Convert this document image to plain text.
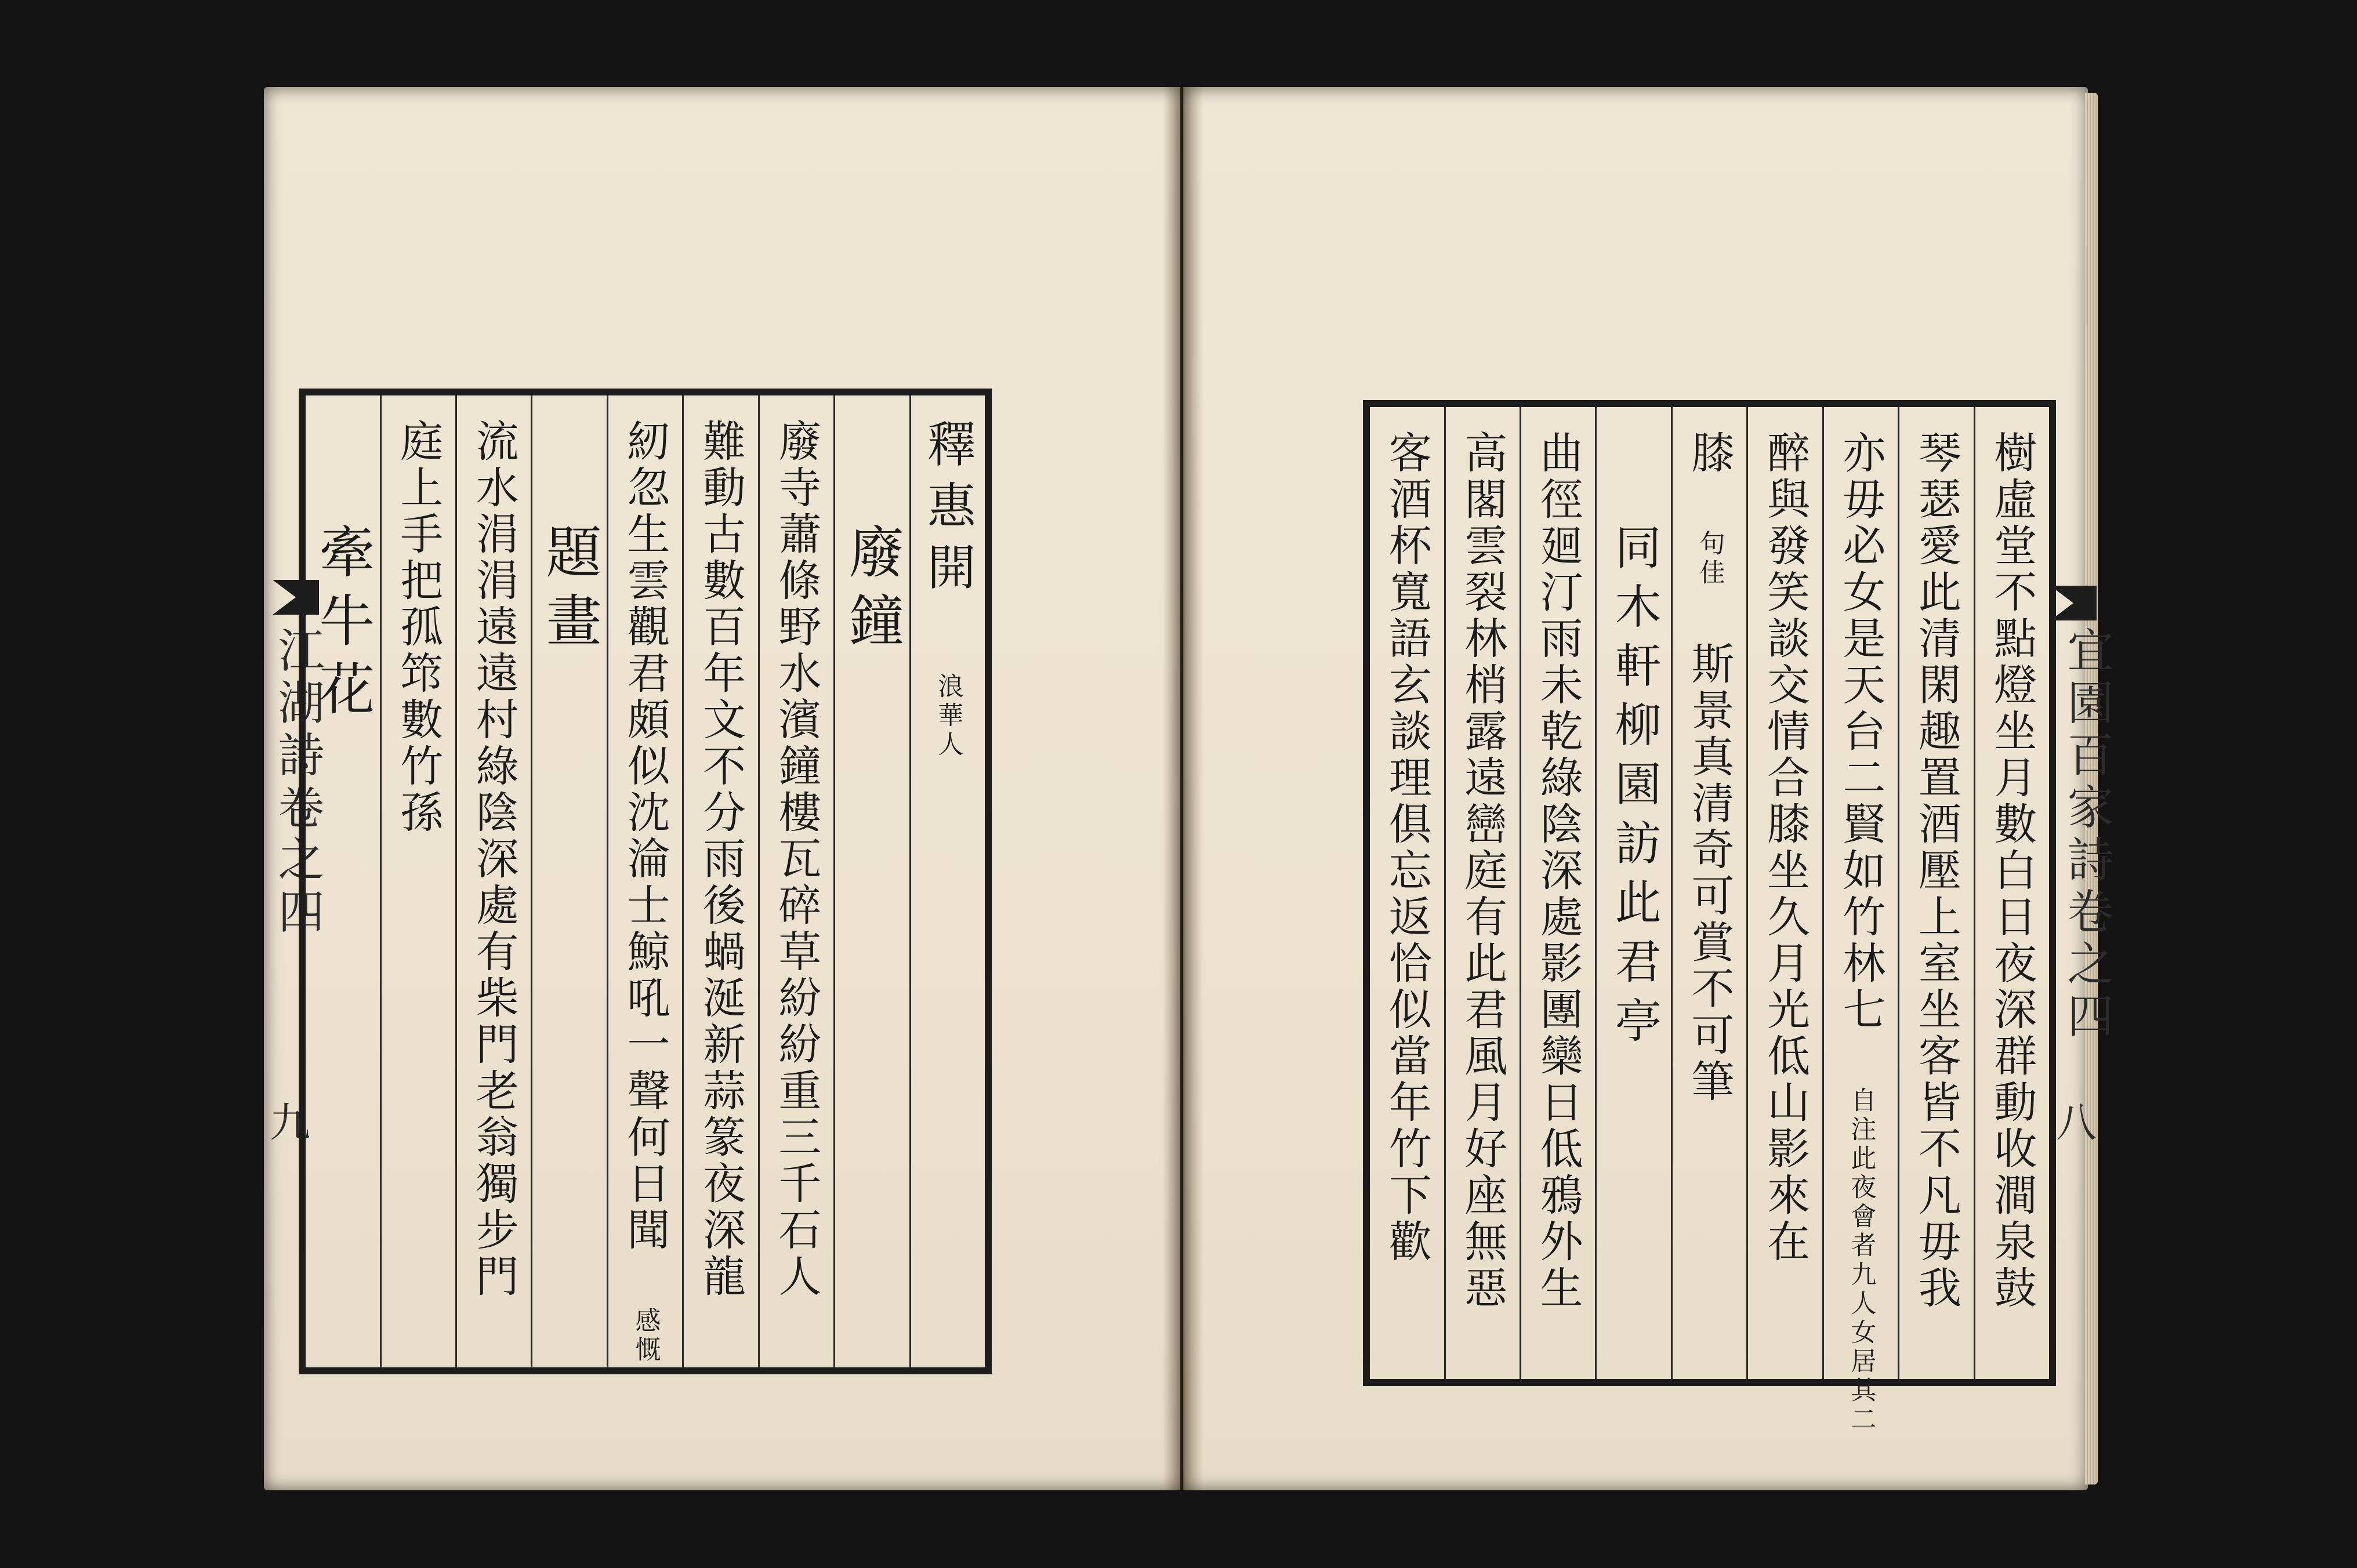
江湖詩卷之四
九
宜園百家詩卷之四
八
釋惠開 浪華人
廢鐘
廢寺蕭條野水濱鐘樓瓦碎草紛紛重三千石人
難動古數百年文不分雨後蝸涎新蒜篆夜深龍
紉忽生雲觀君頗似沈淪士鯨吼一聲何日聞 感慨
題畫
流水涓涓遠遠村綠陰深處有柴門老翁獨步門
庭上手把孤筇數竹孫
牽牛花	樹虛堂不點燈坐月數白日夜深群動收澗泉鼓
琴瑟愛此清閑趣置酒壓上室坐客皆不凡毋我
亦毋必女是天台二賢如竹林七 自注此夜會者九人女居其二
醉與發笑談交情合膝坐久月光低山影來在
膝 句佳 斯景真清奇可賞不可筆
同木軒柳園訪此君亭
曲徑廻汀雨未乾綠陰深處影團欒日低鴉外生
高閣雲裂林梢露遠巒庭有此君風月好座無惡
客酒杯寬語玄談理俱忘返恰似當年竹下歡
